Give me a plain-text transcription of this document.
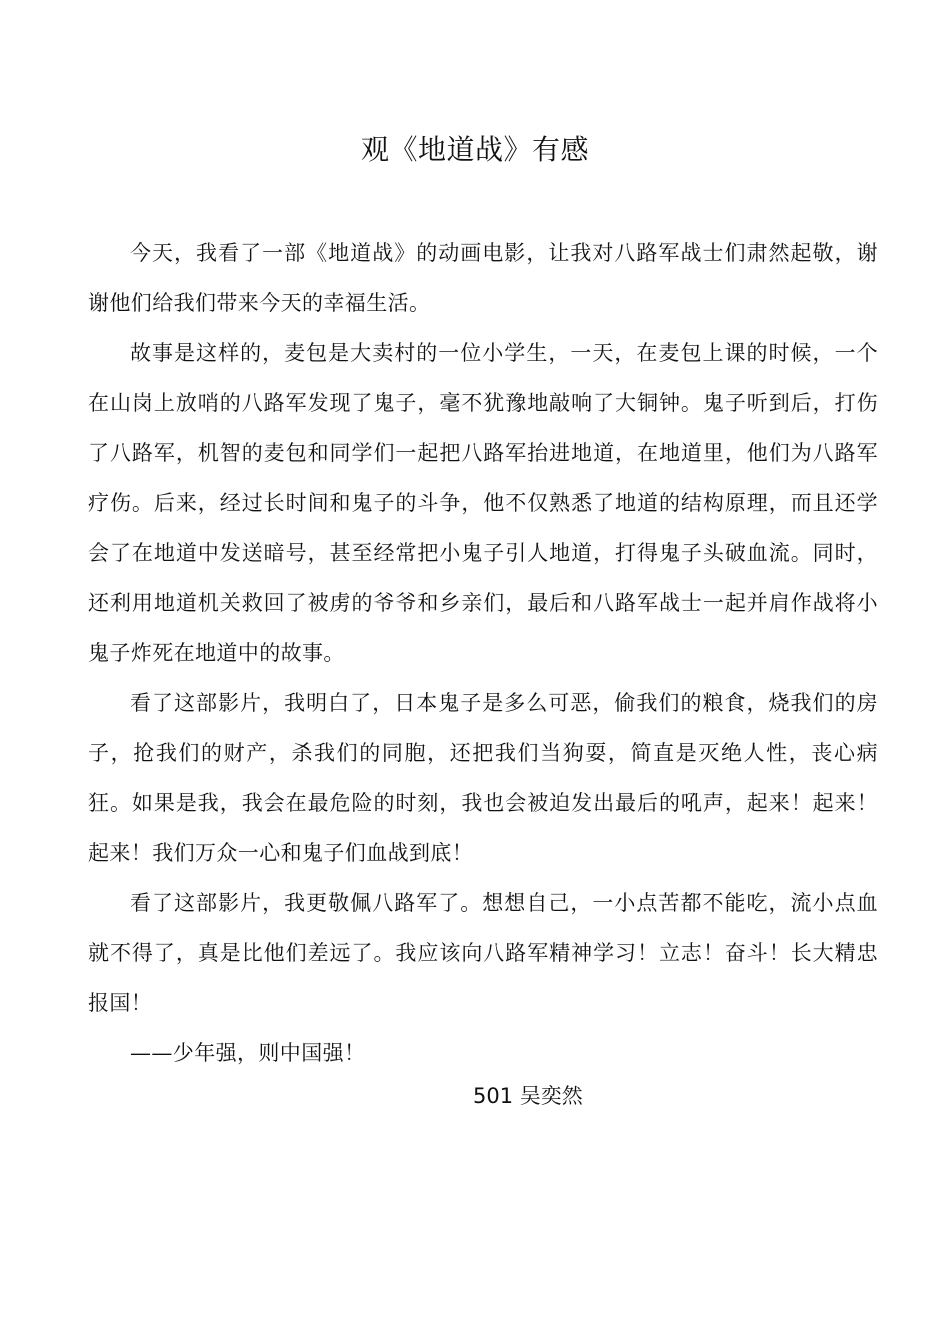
观《地道战》有感

今天，我看了一部《地道战》的动画电影，让我对八路军战士们肃然起敬，谢谢他们给我们带来今天的幸福生活。

故事是这样的，麦包是大卖村的一位小学生，一天，在麦包上课的时候，一个在山岗上放哨的八路军发现了鬼子，毫不犹豫地敲响了大铜钟。鬼子听到后，打伤了八路军，机智的麦包和同学们一起把八路军抬进地道，在地道里，他们为八路军疗伤。后来，经过长时间和鬼子的斗争，他不仅熟悉了地道的结构原理，而且还学会了在地道中发送暗号，甚至经常把小鬼子引人地道，打得鬼子头破血流。同时，还利用地道机关救回了被虏的爷爷和乡亲们，最后和八路军战士一起并肩作战将小鬼子炸死在地道中的故事。

看了这部影片，我明白了，日本鬼子是多么可恶，偷我们的粮食，烧我们的房子，抢我们的财产，杀我们的同胞，还把我们当狗耍，简直是灭绝人性，丧心病狂。如果是我，我会在最危险的时刻，我也会被迫发出最后的吼声，起来！起来！起来！我们万众一心和鬼子们血战到底！

看了这部影片，我更敬佩八路军了。想想自己，一小点苦都不能吃，流小点血就不得了，真是比他们差远了。我应该向八路军精神学习！立志！奋斗！长大精忠报国！

——少年强，则中国强！

501 吴奕然
